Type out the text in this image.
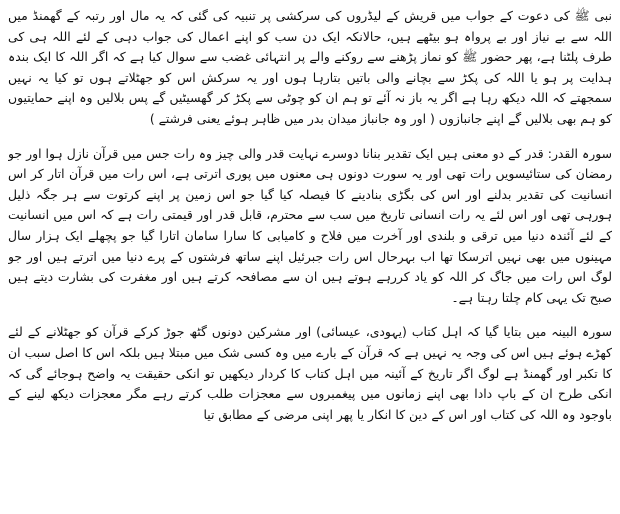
نبی ﷺ کی دعوت کے جواب میں قریش کے لیڈروں کی سرکشی پر تنبیہ کی گئی کہ یہ مال اور رتبہ کے گھمنڈ میں اللہ سے بے نیاز اور بے پرواہ ہو بیٹھے ہیں، حالانکہ ایک دن سب کو اپنے اعمال کی جواب دہی کے لئے اللہ ہی کی طرف پلٹنا ہے، پھر حضور ﷺ کو نماز پڑھنے سے روکنے والے پر انتہائی غضب سے سوال کیا ہے کہ اگر اللہ کا ایک بندہ ہدایت پر ہو یا اللہ کی پکڑ سے بچانے والی باتیں بتارہا ہوں اور یہ سرکش اس کو جھٹلاتے ہوں تو کیا یہ نہیں سمجھتے کہ اللہ دیکھ رہا ہے اگر یہ باز نہ آئے تو ہم ان کو چوٹی سے پکڑ کر گھسیٹیں گے پس بلالیں وہ اپنے حمایتیوں کو ہم بھی بلالیں گے اپنے جانبازوں ( اور وہ جانباز میدان بدر میں ظاہر ہوئے یعنی فرشتے )

سورہ القدر: قدر کے دو معنی ہیں ایک تقدیر بنانا دوسرے نہایت قدر والی چیز وہ رات جس میں قرآن نازل ہوا اور جو رمضان کی ستائیسویں رات تھی اور یہ سورت دونوں ہی معنوں میں پوری اترتی ہے، اس رات میں قرآن اتار کر اس انسانیت کی تقدیر بدلنے اور اس کی بگڑی بنادینے کا فیصلہ کیا گیا جو اس زمین پر اپنے کرتوت سے ہر جگہ ذلیل ہورہی تھی اور اس لئے یہ رات انسانی تاریخ میں سب سے محترم، قابل قدر اور قیمتی رات ہے کہ اس میں انسانیت کے لئے آئندہ دنیا میں ترقی و بلندی اور آخرت میں فلاح و کامیابی کا سارا سامان اتارا گیا جو پچھلے ایک ہزار سال مہینوں میں بھی نہیں اترسکا تھا اب بہرحال اس رات جبرئیل اپنے ساتھ فرشتوں کے پرے دنیا میں اترتے ہیں اور جو لوگ اس رات میں جاگ کر اللہ کو یاد کررہے ہوتے ہیں ان سے مصافحہ کرتے ہیں اور مغفرت کی بشارت دیتے ہیں صبح تک یہی کام چلتا رہتا ہے۔

سورہ البینہ میں بتایا گیا کہ اہل کتاب (یہودی، عیسائی) اور مشرکین دونوں گٹھ جوڑ کرکے قرآن کو جھٹلانے کے لئے کھڑے ہوئے ہیں اس کی وجہ یہ نہیں ہے کہ قرآن کے بارے میں وہ کسی شک میں مبتلا ہیں بلکہ اس کا اصل سبب ان کا تکبر اور گھمنڈ ہے لوگ اگر تاریخ کے آئینہ میں اہل کتاب کا کردار دیکھیں تو انکی حقیقت یہ واضح ہوجائے گی کہ انکی طرح ان کے باپ دادا بھی اپنے زمانوں میں پیغمبروں سے معجزات طلب کرتے رہے مگر معجزات دیکھ لینے کے باوجود وہ اللہ کی کتاب اور اس کے دین کا انکار یا پھر اپنی مرضی کے مطابق تیا
